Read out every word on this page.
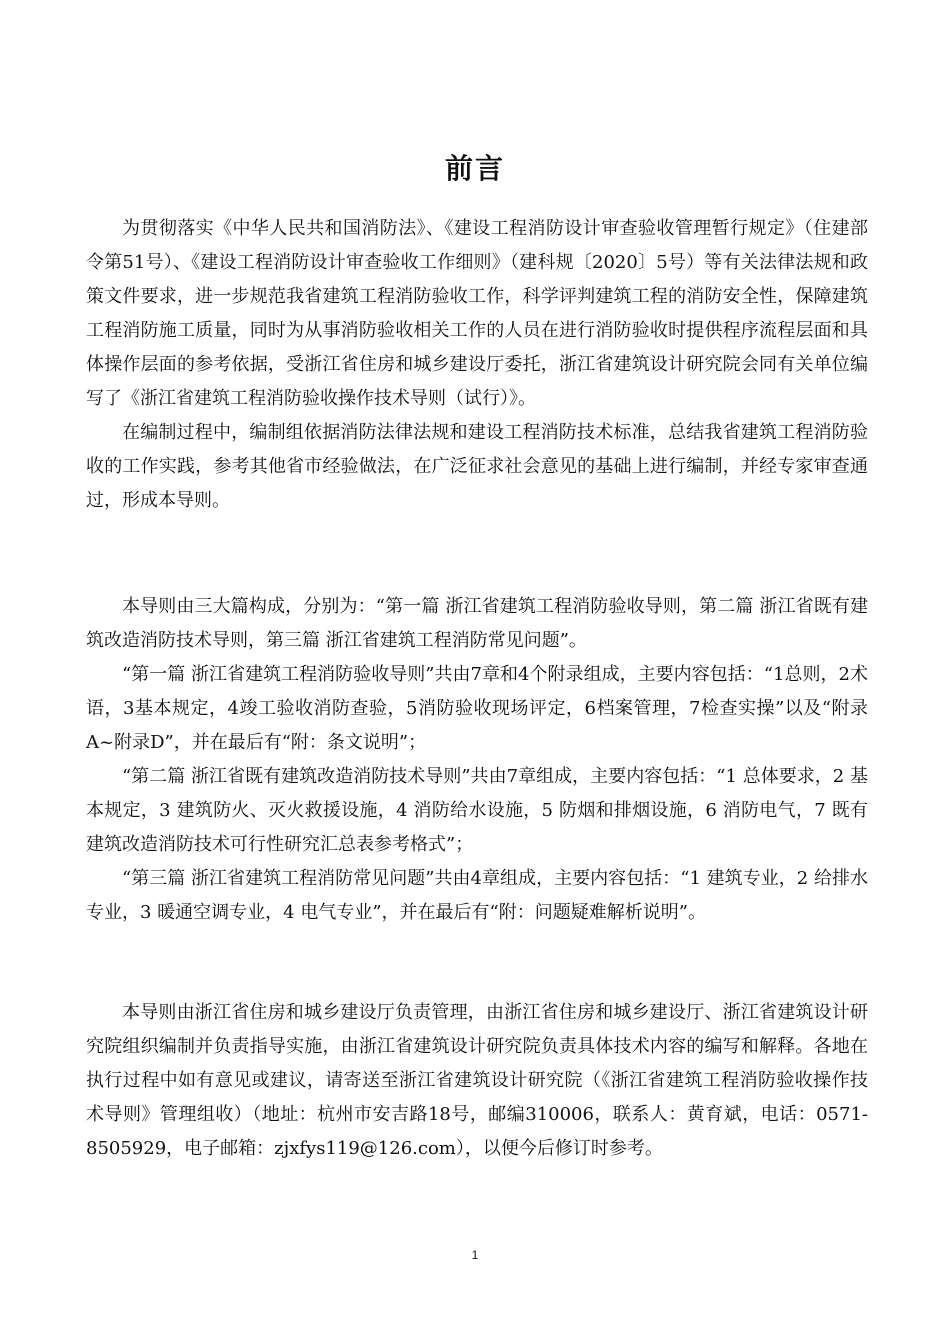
前言

为贯彻落实《中华人民共和国消防法》、《建设工程消防设计审查验收管理暂行规定》（住建部令第51号）、《建设工程消防设计审查验收工作细则》（建科规〔2020〕5号）等有关法律法规和政策文件要求，进一步规范我省建筑工程消防验收工作，科学评判建筑工程的消防安全性，保障建筑工程消防施工质量，同时为从事消防验收相关工作的人员在进行消防验收时提供程序流程层面和具体操作层面的参考依据，受浙江省住房和城乡建设厅委托，浙江省建筑设计研究院会同有关单位编写了《浙江省建筑工程消防验收操作技术导则（试行）》。

在编制过程中，编制组依据消防法律法规和建设工程消防技术标准，总结我省建筑工程消防验收的工作实践，参考其他省市经验做法，在广泛征求社会意见的基础上进行编制，并经专家审查通过，形成本导则。

本导则由三大篇构成，分别为：“第一篇 浙江省建筑工程消防验收导则，第二篇 浙江省既有建筑改造消防技术导则，第三篇 浙江省建筑工程消防常见问题”。

“第一篇 浙江省建筑工程消防验收导则”共由7章和4个附录组成，主要内容包括：“1总则，2术语，3基本规定，4竣工验收消防查验，5消防验收现场评定，6档案管理，7检查实操”以及“附录A~附录D”，并在最后有“附：条文说明”；

“第二篇 浙江省既有建筑改造消防技术导则”共由7章组成，主要内容包括：“1 总体要求，2 基本规定，3 建筑防火、灭火救援设施，4 消防给水设施，5 防烟和排烟设施，6 消防电气，7 既有建筑改造消防技术可行性研究汇总表参考格式”；

“第三篇 浙江省建筑工程消防常见问题”共由4章组成，主要内容包括：“1 建筑专业，2 给排水专业，3 暖通空调专业，4 电气专业”，并在最后有“附：问题疑难解析说明”。

本导则由浙江省住房和城乡建设厅负责管理，由浙江省住房和城乡建设厅、浙江省建筑设计研究院组织编制并负责指导实施，由浙江省建筑设计研究院负责具体技术内容的编写和解释。各地在执行过程中如有意见或建议，请寄送至浙江省建筑设计研究院（《浙江省建筑工程消防验收操作技术导则》管理组收）（地址：杭州市安吉路18号，邮编310006，联系人：黄育斌，电话：0571-8505929，电子邮箱：zjxfys119@126.com），以便今后修订时参考。

1
